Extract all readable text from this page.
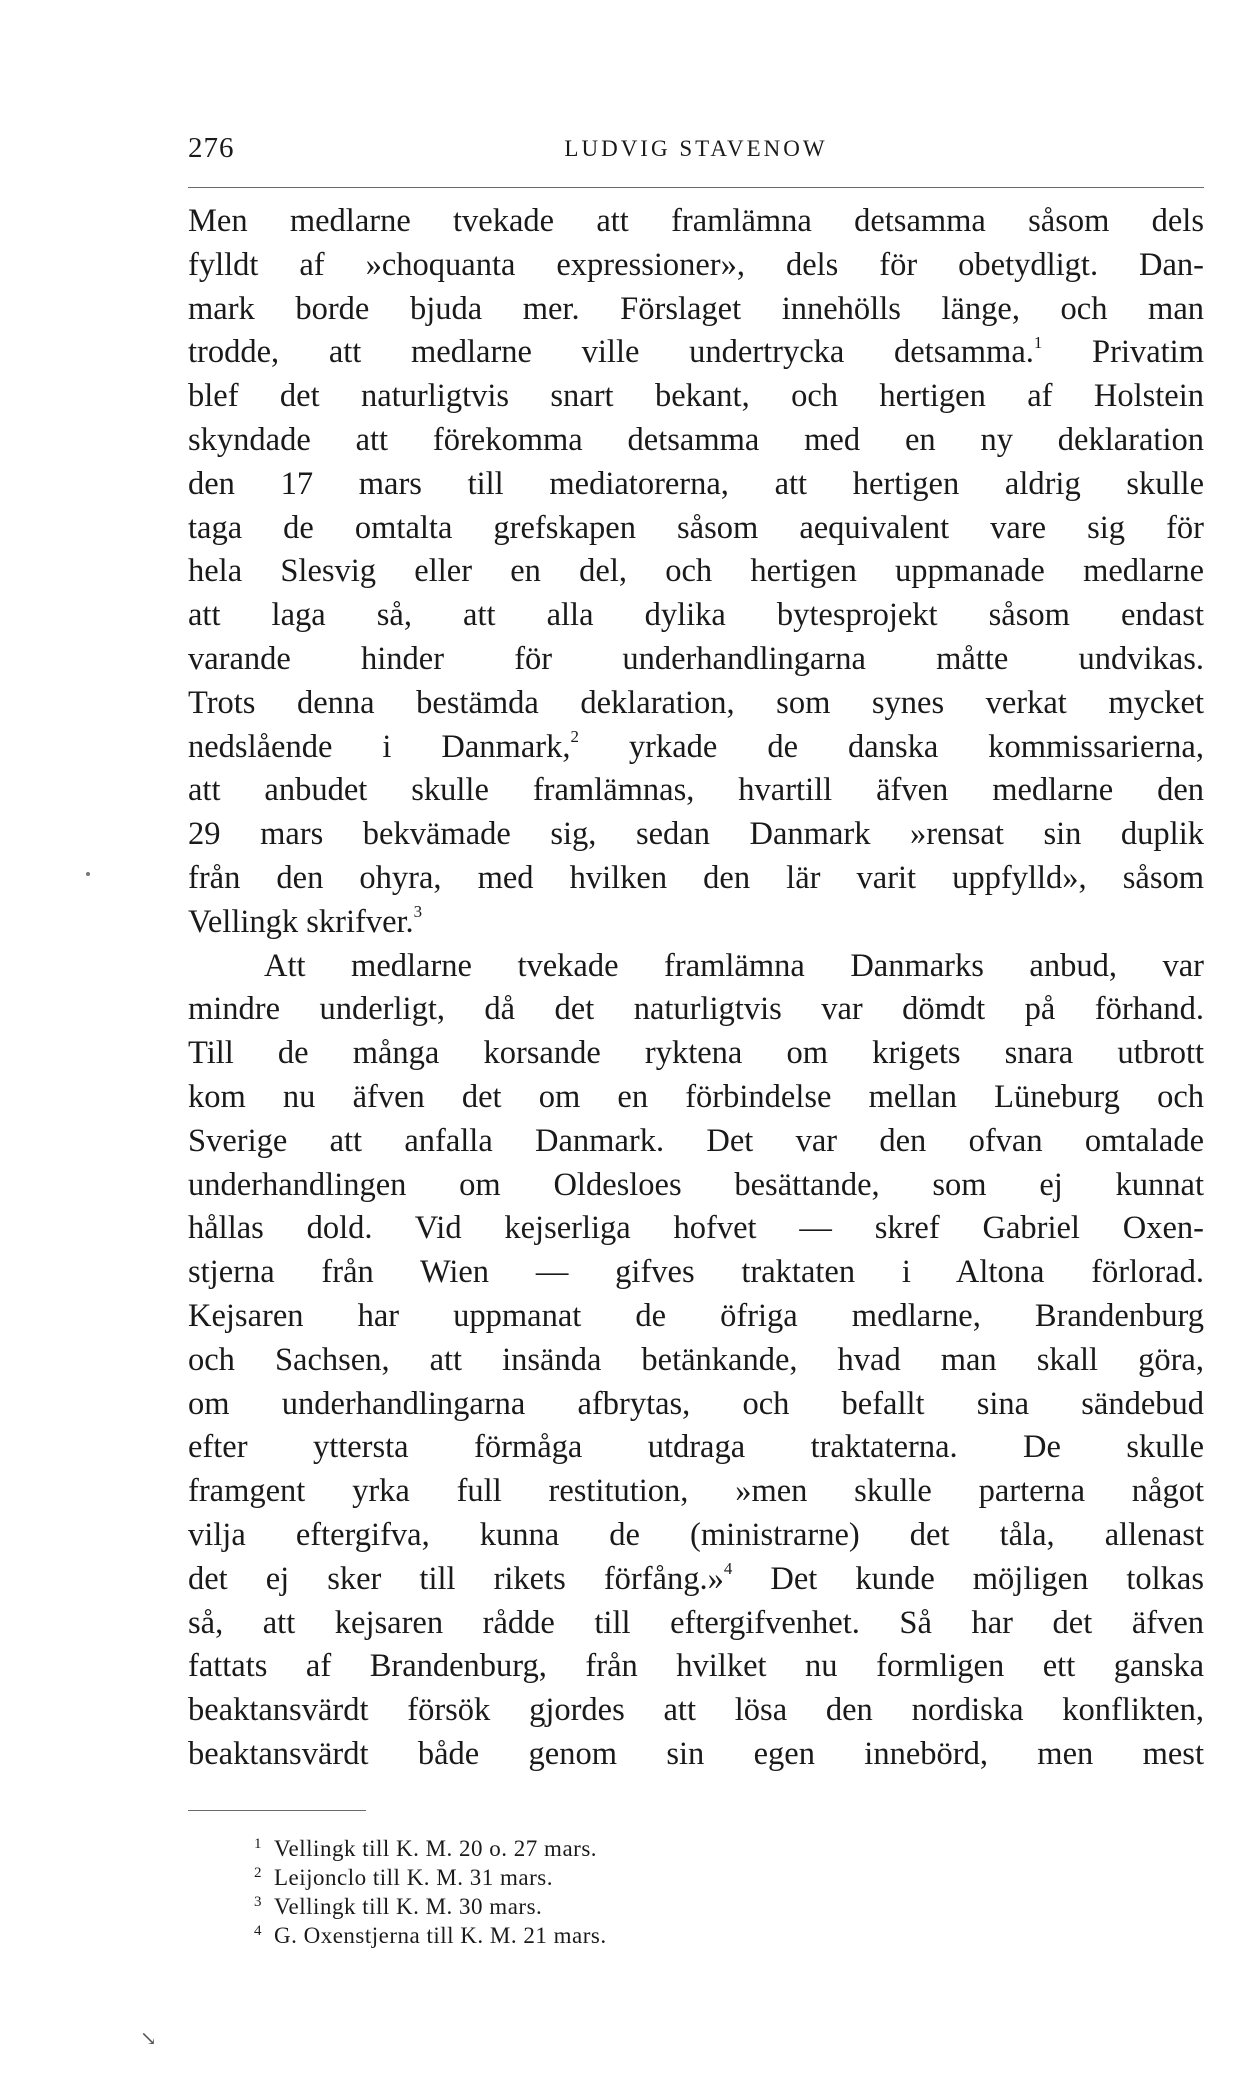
276	LUDVIG STAVENOW
Men medlarne tvekade att framlämna detsamma såsom dels
fylldt af »choquanta expressioner», dels för obetydligt. Dan-
mark borde bjuda mer. Förslaget innehölls länge, och man
trodde, att medlarne ville undertrycka detsamma.$^1$ Privatim
blef det naturligtvis snart bekant, och hertigen af Holstein
skyndade att förekomma detsamma med en ny deklaration
den 17 mars till mediatorerna, att hertigen aldrig skulle
taga de omtalta grefskapen såsom aequivalent vare sig för
hela Slesvig eller en del, och hertigen uppmanade medlarne
att laga så, att alla dylika bytesprojekt såsom endast
varande hinder för underhandlingarna måtte undvikas.
Trots denna bestämda deklaration, som synes verkat mycket
nedslående i Danmark,$^2$ yrkade de danska kommissarierna,
att anbudet skulle framlämnas, hvartill äfven medlarne den
29 mars bekvämade sig, sedan Danmark »rensat sin duplik
från den ohyra, med hvilken den lär varit uppfylld», såsom
Vellingk skrifver.$^3$
Att medlarne tvekade framlämna Danmarks anbud, var
mindre underligt, då det naturligtvis var dömdt på förhand.
Till de många korsande ryktena om krigets snara utbrott
kom nu äfven det om en förbindelse mellan Lüneburg och
Sverige att anfalla Danmark. Det var den ofvan omtalade
underhandlingen om Oldesloes besättande, som ej kunnat
hållas dold. Vid kejserliga hofvet — skref Gabriel Oxen-
stjerna från Wien — gifves traktaten i Altona förlorad.
Kejsaren har uppmanat de öfriga medlarne, Brandenburg
och Sachsen, att insända betänkande, hvad man skall göra,
om underhandlingarna afbrytas, och befallt sina sändebud
efter yttersta förmåga utdraga traktaterna. De skulle
framgent yrka full restitution, »men skulle parterna något
vilja eftergifva, kunna de (ministrarne) det tåla, allenast
det ej sker till rikets förfång.»$^4$ Det kunde möjligen tolkas
så, att kejsaren rådde till eftergifvenhet. Så har det äfven
fattats af Brandenburg, från hvilket nu formligen ett ganska
beaktansvärdt försök gjordes att lösa den nordiska konflikten,
beaktansvärdt både genom sin egen innebörd, men mest
1 Vellingk till K. M. 20 o. 27 mars.
2 Leijonclo till K. M. 31 mars.
3 Vellingk till K. M. 30 mars.
4 G. Oxenstjerna till K. M. 21 mars.
↘
